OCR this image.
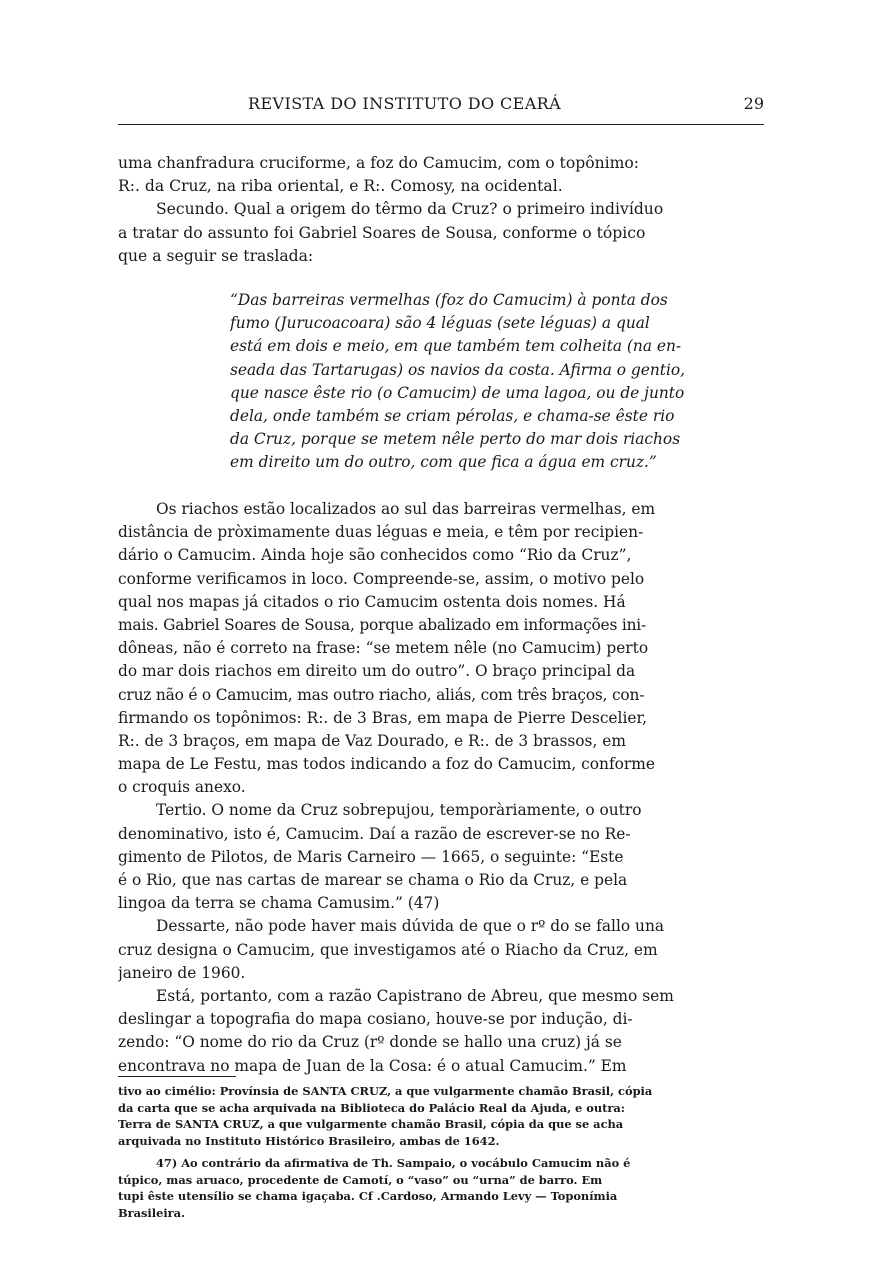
REVISTA DO INSTITUTO DO CEARÁ	29
uma chanfradura cruciforme, a foz do Camucim, com o topônimo:
R:. da Cruz, na riba oriental, e R:. Comosy, na ocidental.
Secundo. Qual a origem do têrmo da Cruz? o primeiro indivíduo
a tratar do assunto foi Gabriel Soares de Sousa, conforme o tópico
que a seguir se traslada:
“Das barreiras vermelhas (foz do Camucim) à ponta dos
fumo (Jurucoacoara) são 4 léguas (sete léguas) a qual
está em dois e meio, em que também tem colheita (na en-
seada das Tartarugas) os navios da costa. Afirma o gentio,
que nasce êste rio (o Camucim) de uma lagoa, ou de junto
dela, onde também se criam pérolas, e chama-se êste rio
da Cruz, porque se metem nêle perto do mar dois riachos
em direito um do outro, com que fica a água em cruz.”
Os riachos estão localizados ao sul das barreiras vermelhas, em
distância de pròximamente duas léguas e meia, e têm por recipien-
dário o Camucim. Ainda hoje são conhecidos como “Rio da Cruz”,
conforme verificamos in loco. Compreende-se, assim, o motivo pelo
qual nos mapas já citados o rio Camucim ostenta dois nomes. Há
mais. Gabriel Soares de Sousa, porque abalizado em informações ini-
dôneas, não é correto na frase: “se metem nêle (no Camucim) perto
do mar dois riachos em direito um do outro”. O braço principal da
cruz não é o Camucim, mas outro riacho, aliás, com três braços, con-
firmando os topônimos: R:. de 3 Bras, em mapa de Pierre Descelier,
R:. de 3 braços, em mapa de Vaz Dourado, e R:. de 3 brassos, em
mapa de Le Festu, mas todos indicando a foz do Camucim, conforme
o croquis anexo.
Tertio. O nome da Cruz sobrepujou, temporàriamente, o outro
denominativo, isto é, Camucim. Daí a razão de escrever-se no Re-
gimento de Pilotos, de Maris Carneiro — 1665, o seguinte: “Este
é o Rio, que nas cartas de marear se chama o Rio da Cruz, e pela
lingoa da terra se chama Camusim.” (47)
Dessarte, não pode haver mais dúvida de que o rº do se fallo una
cruz designa o Camucim, que investigamos até o Riacho da Cruz, em
janeiro de 1960.
Está, portanto, com a razão Capistrano de Abreu, que mesmo sem
deslingar a topografia do mapa cosiano, houve-se por indução, di-
zendo: “O nome do rio da Cruz (rº donde se hallo una cruz) já se
encontrava no mapa de Juan de la Cosa: é o atual Camucim.” Em
tivo ao cimélio: Provínsia de SANTA CRUZ, a que vulgarmente chamão Brasil, cópia
da carta que se acha arquivada na Biblioteca do Palácio Real da Ajuda, e outra:
Terra de SANTA CRUZ, a que vulgarmente chamão Brasil, cópia da que se acha
arquivada no Instituto Histórico Brasileiro, ambas de 1642.
47) Ao contrário da afirmativa de Th. Sampaio, o vocábulo Camucim não é
túpico, mas aruaco, procedente de Camotí, o “vaso” ou “urna” de barro. Em
tupi êste utensílio se chama igaçaba. Cf .Cardoso, Armando Levy — Toponímia
Brasileira.
